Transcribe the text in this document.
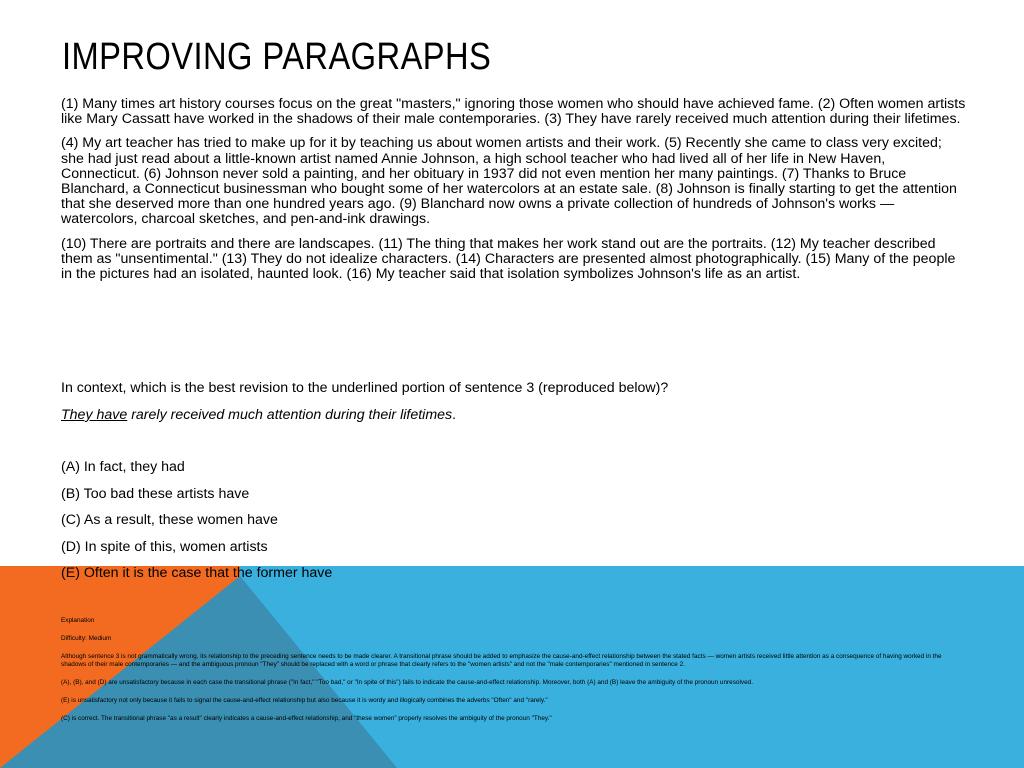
IMPROVING PARAGRAPHS

(1) Many times art history courses focus on the great "masters," ignoring those women who should have achieved fame. (2) Often women artists like Mary Cassatt have worked in the shadows of their male contemporaries. (3) They have rarely received much attention during their lifetimes.

(4) My art teacher has tried to make up for it by teaching us about women artists and their work. (5) Recently she came to class very excited; she had just read about a little-known artist named Annie Johnson, a high school teacher who had lived all of her life in New Haven, Connecticut. (6) Johnson never sold a painting, and her obituary in 1937 did not even mention her many paintings. (7) Thanks to Bruce Blanchard, a Connecticut businessman who bought some of her watercolors at an estate sale. (8) Johnson is finally starting to get the attention that she deserved more than one hundred years ago. (9) Blanchard now owns a private collection of hundreds of Johnson's works — watercolors, charcoal sketches, and pen-and-ink drawings.

(10) There are portraits and there are landscapes. (11) The thing that makes her work stand out are the portraits. (12) My teacher described them as "unsentimental." (13) They do not idealize characters. (14) Characters are presented almost photographically. (15) Many of the people in the pictures had an isolated, haunted look. (16) My teacher said that isolation symbolizes Johnson's life as an artist.

In context, which is the best revision to the underlined portion of sentence 3 (reproduced below)?

They have rarely received much attention during their lifetimes.
(A) In fact, they had
(B) Too bad these artists have
(C) As a result, these women have
(D) In spite of this, women artists
(E) Often it is the case that the former have

Explanation

Difficulty: Medium

Although sentence 3 is not grammatically wrong, its relationship to the preceding sentence needs to be made clearer. A transitional phrase should be added to emphasize the cause-and-effect relationship between the stated facts — women artists received little attention as a consequence of having worked in the shadows of their male contemporaries — and the ambiguous pronoun "They" should be replaced with a word or phrase that clearly refers to the "women artists" and not the "male contemporaries" mentioned in sentence 2.

(A), (B), and (D) are unsatisfactory because in each case the transitional phrase ("In fact," "Too bad," or "In spite of this") fails to indicate the cause-and-effect relationship. Moreover, both (A) and (B) leave the ambiguity of the pronoun unresolved.

(E) is unsatisfactory not only because it fails to signal the cause-and-effect relationship but also because it is wordy and illogically combines the adverbs "Often" and "rarely."

(C) is correct. The transitional phrase "as a result" clearly indicates a cause-and-effect relationship, and "these women" properly resolves the ambiguity of the pronoun "They."
